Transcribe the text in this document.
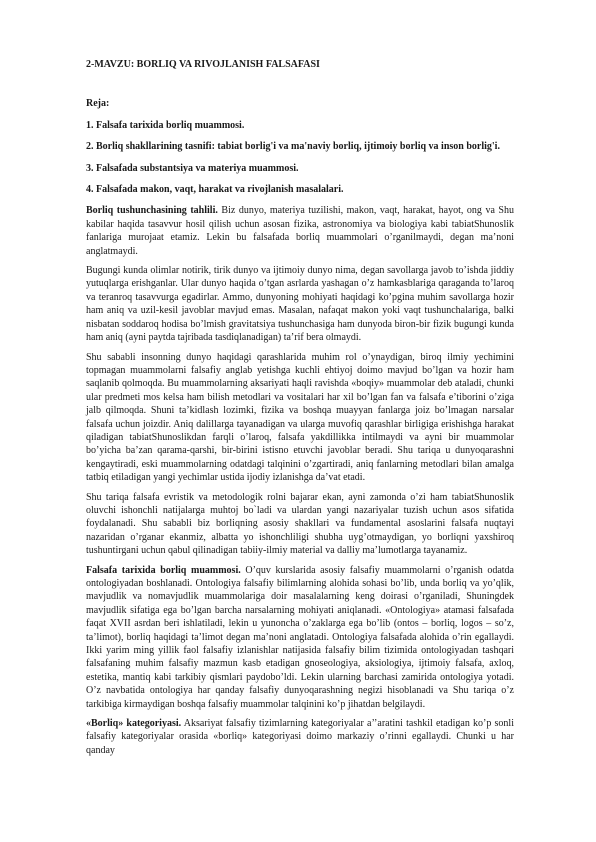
2-MAVZU: BORLIQ VA RIVOJLANISH FALSAFASI
Reja:
1. Falsafa tarixida borliq muammosi.
2. Borliq shakllarining tasnifi: tabiat borlig'i va ma'naviy borliq, ijtimoiy borliq va inson borlig'i.
3. Falsafada substantsiya va materiya muammosi.
4. Falsafada makon, vaqt, harakat va rivojlanish masalalari.

Borliq tushunchasining tahlili. Biz dunyo, materiya tuzilishi, makon, vaqt, harakat, hayot, ong va Shu kabilar haqida tasavvur hosil qilish uchun asosan fizika, astronomiya va biologiya kabi tabiatShunoslik fanlariga murojaat etamiz. Lekin bu falsafada borliq muammolari o’rganilmaydi, degan ma’noni anglatmaydi.

Bugungi kunda olimlar notirik, tirik dunyo va ijtimoiy dunyo nima, degan savollarga javob to’ishda jiddiy yutuqlarga erishganlar. Ular dunyo haqida o’tgan asrlarda yashagan o’z hamkasblariga qaraganda to’laroq va teranroq tasavvurga egadirlar. Ammo, dunyoning mohiyati haqidagi ko’pgina muhim savollarga hozir ham aniq va uzil-kesil javoblar mavjud emas. Masalan, nafaqat makon yoki vaqt tushunchalariga, balki nisbatan soddaroq hodisa bo’lmish gravitatsiya tushunchasiga ham dunyoda biron-bir fizik bugungi kunda ham aniq (ayni paytda tajribada tasdiqlanadigan) ta’rif bera olmaydi.

Shu sababli insonning dunyo haqidagi qarashlarida muhim rol o’ynaydigan, biroq ilmiy yechimini topmagan muammolarni falsafiy anglab yetishga kuchli ehtiyoj doimo mavjud bo’lgan va hozir ham saqlanib qolmoqda. Bu muammolarning aksariyati haqli ravishda «boqiy» muammolar deb ataladi, chunki ular predmeti mos kelsa ham bilish metodlari va vositalari har xil bo’lgan fan va falsafa e’tiborini o’ziga jalb qilmoqda. Shuni ta’kidlash lozimki, fizika va boshqa muayyan fanlarga joiz bo’lmagan narsalar falsafa uchun joizdir. Aniq dalillarga tayanadigan va ularga muvofiq qarashlar birligiga erishishga harakat qiladigan tabiatShunoslikdan farqli o’laroq, falsafa yakdillikka intilmaydi va ayni bir muammolar bo’yicha ba’zan qarama-qarshi, bir-birini istisno etuvchi javoblar beradi. Shu tariqa u dunyoqarashni kengaytiradi, eski muammolarning odatdagi talqinini o’zgartiradi, aniq fanlarning metodlari bilan amalga tatbiq etiladigan yangi yechimlar ustida ijodiy izlanishga da’vat etadi.

Shu tariqa falsafa evristik va metodologik rolni bajarar ekan, ayni zamonda o’zi ham tabiatShunoslik oluvchi ishonchli natijalarga muhtoj bo`ladi va ulardan yangi nazariyalar tuzish uchun asos sifatida foydalanadi. Shu sababli biz borliqning asosiy shakllari va fundamental asoslarini falsafa nuqtayi nazaridan o’rganar ekanmiz, albatta yo ishonchliligi shubha uyg’otmaydigan, yo borliqni yaxshiroq tushuntirgani uchun qabul qilinadigan tabiiy-ilmiy material va dalliy ma’lumotlarga tayanamiz.

Falsafa tarixida borliq muammosi. O’quv kurslarida asosiy falsafiy muammolarni o’rganish odatda ontologiyadan boshlanadi. Ontologiya falsafiy bilimlarning alohida sohasi bo’lib, unda borliq va yo’qlik, mavjudlik va nomavjudlik muammolariga doir masalalarning keng doirasi o’rganiladi, Shuningdek mavjudlik sifatiga ega bo’lgan barcha narsalarning mohiyati aniqlanadi. «Ontologiya» atamasi falsafada faqat XVII asrdan beri ishlatiladi, lekin u yunoncha o’zaklarga ega bo’lib (ontos – borliq, logos – so’z, ta’limot), borliq haqidagi ta’limot degan ma’noni anglatadi. Ontologiya falsafada alohida o’rin egallaydi. Ikki yarim ming yillik faol falsafiy izlanishlar natijasida falsafiy bilim tizimida ontologiyadan tashqari falsafaning muhim falsafiy mazmun kasb etadigan gnoseologiya, aksiologiya, ijtimoiy falsafa, axloq, estetika, mantiq kabi tarkibiy qismlari paydobo’ldi. Lekin ularning barchasi zamirida ontologiya yotadi. O’z navbatida ontologiya har qanday falsafiy dunyoqarashning negizi hisoblanadi va Shu tariqa o’z tarkibiga kirmaydigan boshqa falsafiy muammolar talqinini ko’p jihatdan belgilaydi.

«Borliq» kategoriyasi. Aksariyat falsafiy tizimlarning kategoriyalar a’’aratini tashkil etadigan ko’p sonli falsafiy kategoriyalar orasida «borliq» kategoriyasi doimo markaziy o’rinni egallaydi. Chunki u har qanday
